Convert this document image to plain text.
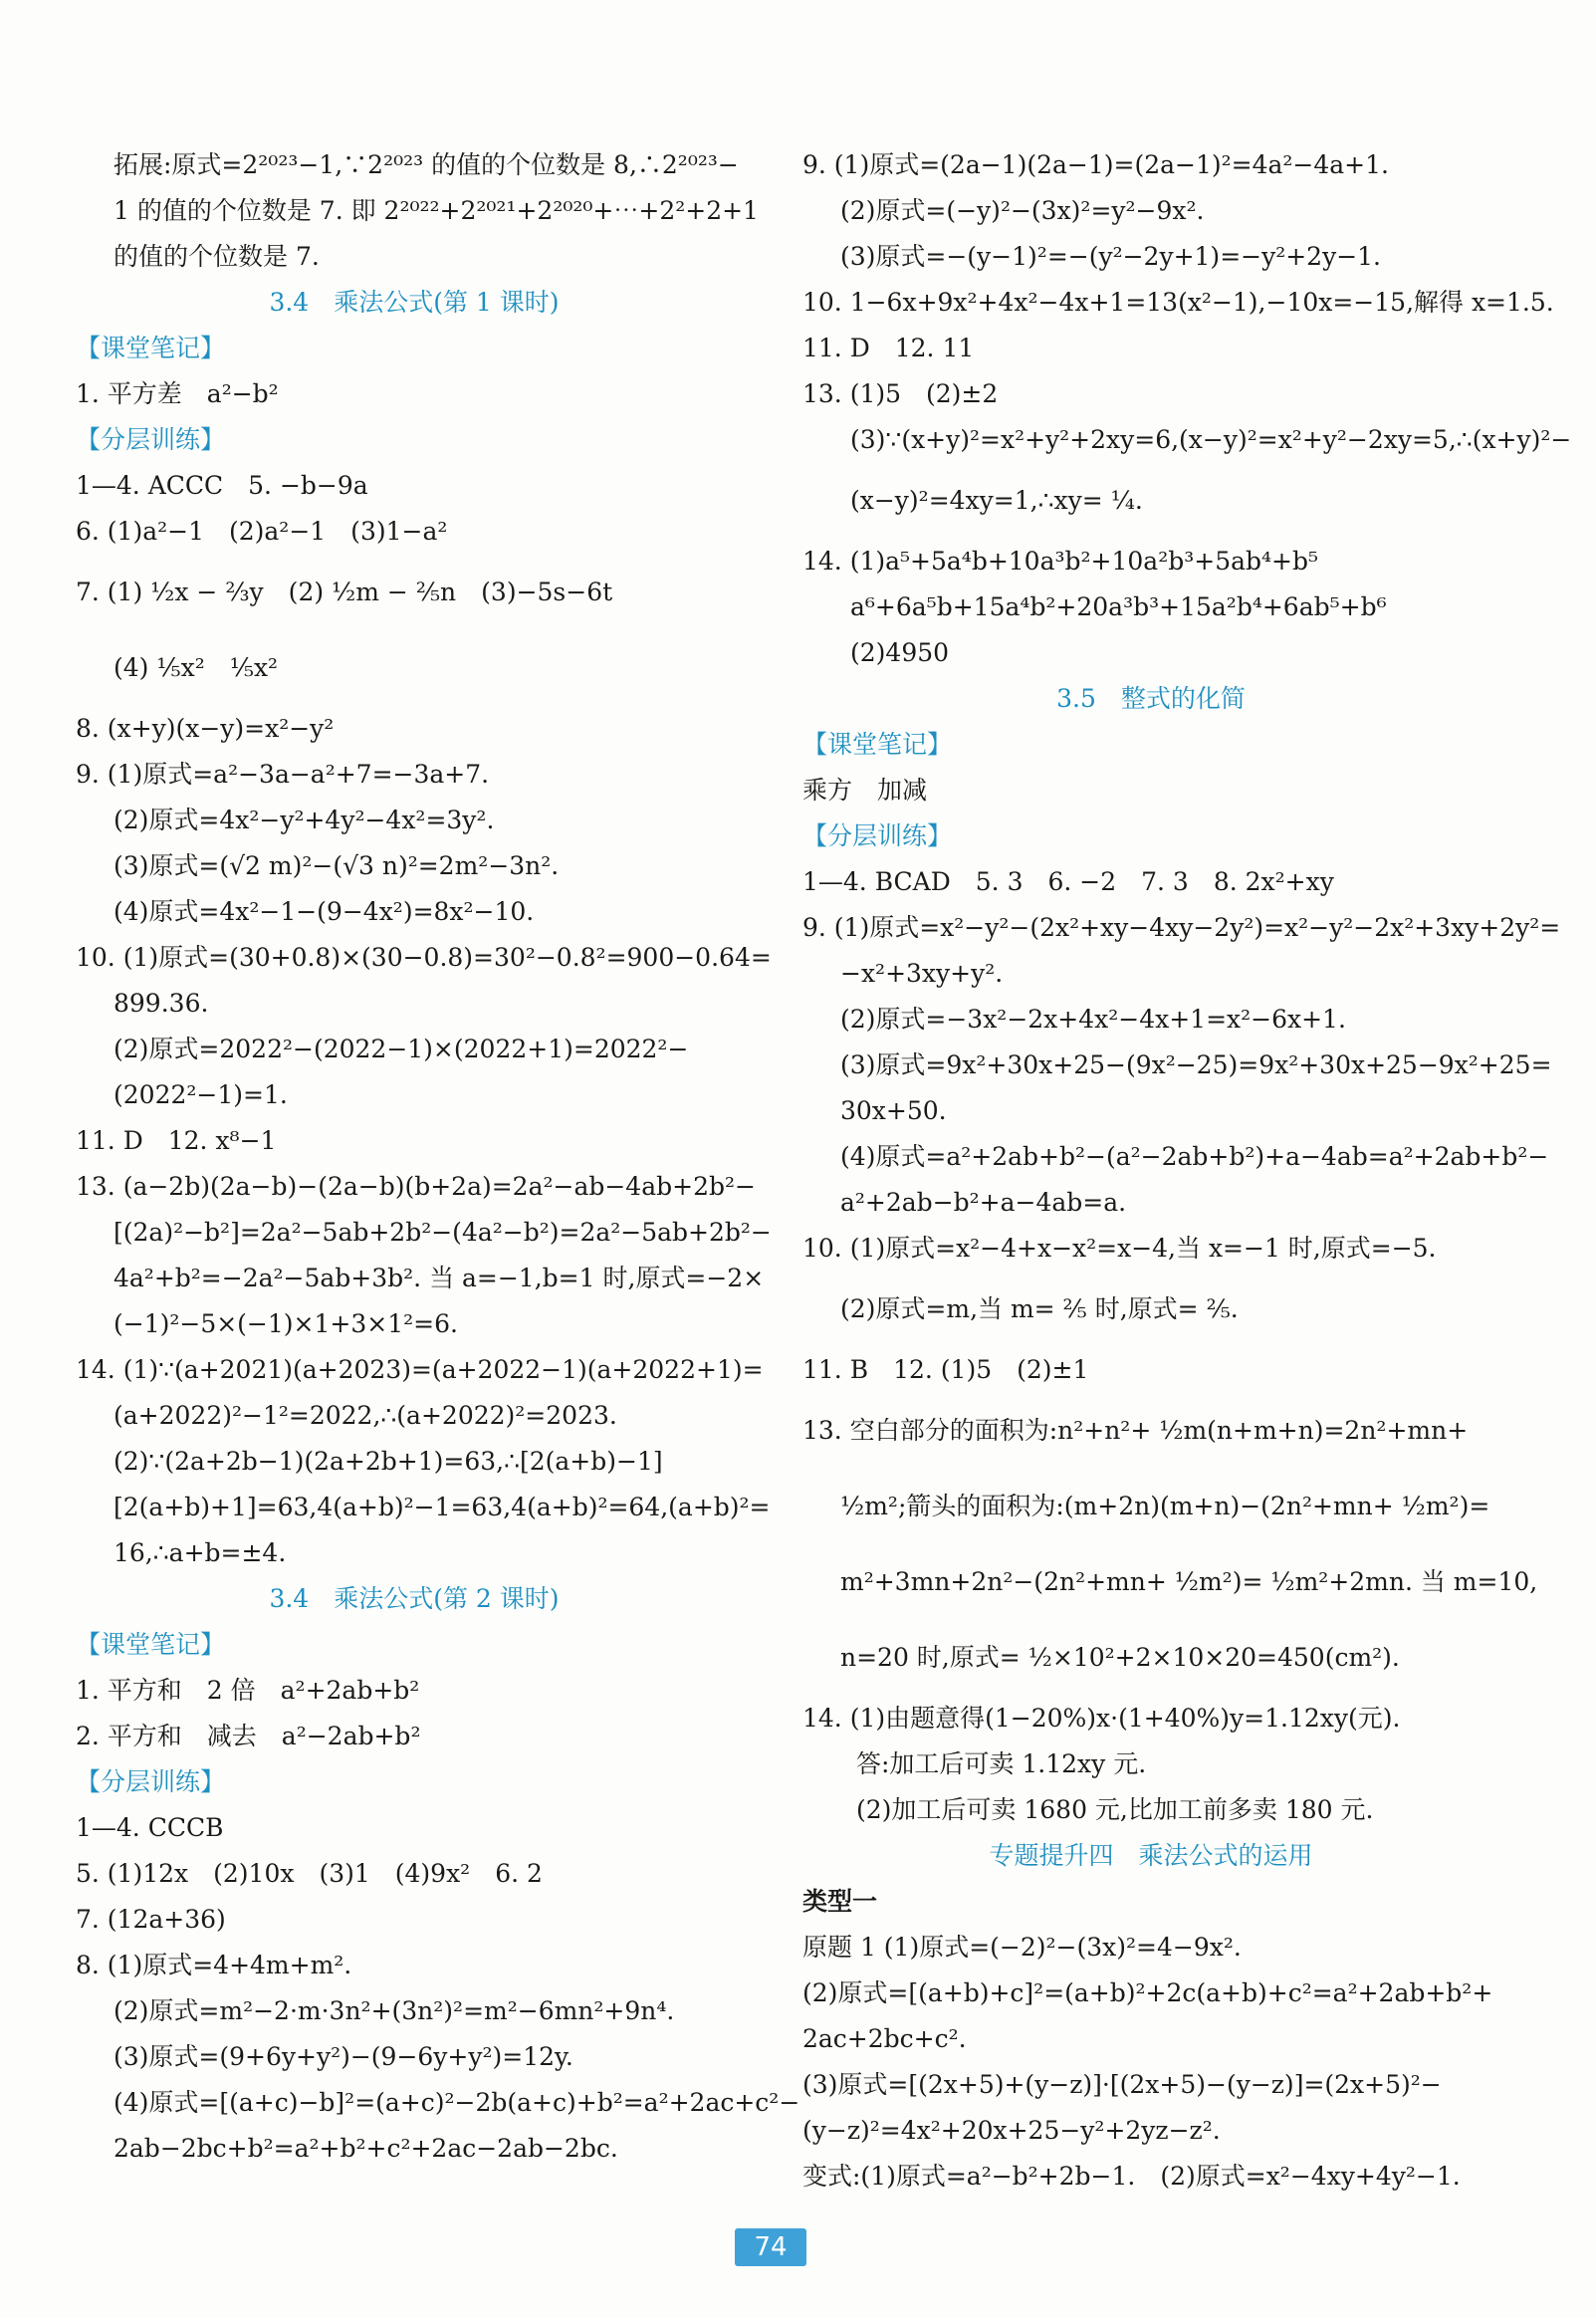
拓展:原式=2²⁰²³−1,∵2²⁰²³ 的值的个位数是 8,∴2²⁰²³−
1 的值的个位数是 7. 即 2²⁰²²+2²⁰²¹+2²⁰²⁰+⋯+2²+2+1
的值的个位数是 7.
3.4　乘法公式(第 1 课时)
【课堂笔记】
1. 平方差　a²−b²
【分层训练】
1—4. ACCC　5. −b−9a
6. (1)a²−1　(2)a²−1　(3)1−a²
7. (1) ½x − ⅔y　(2) ½m − ⅖n　(3)−5s−6t
(4) ⅕x²　⅕x²
8. (x+y)(x−y)=x²−y²
9. (1)原式=a²−3a−a²+7=−3a+7.
(2)原式=4x²−y²+4y²−4x²=3y².
(3)原式=(√2 m)²−(√3 n)²=2m²−3n².
(4)原式=4x²−1−(9−4x²)=8x²−10.
10. (1)原式=(30+0.8)×(30−0.8)=30²−0.8²=900−0.64=
899.36.
(2)原式=2022²−(2022−1)×(2022+1)=2022²−
(2022²−1)=1.
11. D　12. x⁸−1
13. (a−2b)(2a−b)−(2a−b)(b+2a)=2a²−ab−4ab+2b²−
[(2a)²−b²]=2a²−5ab+2b²−(4a²−b²)=2a²−5ab+2b²−
4a²+b²=−2a²−5ab+3b². 当 a=−1,b=1 时,原式=−2×
(−1)²−5×(−1)×1+3×1²=6.
14. (1)∵(a+2021)(a+2023)=(a+2022−1)(a+2022+1)=
(a+2022)²−1²=2022,∴(a+2022)²=2023.
(2)∵(2a+2b−1)(2a+2b+1)=63,∴[2(a+b)−1]
[2(a+b)+1]=63,4(a+b)²−1=63,4(a+b)²=64,(a+b)²=
16,∴a+b=±4.
3.4　乘法公式(第 2 课时)
【课堂笔记】
1. 平方和　2 倍　a²+2ab+b²
2. 平方和　减去　a²−2ab+b²
【分层训练】
1—4. CCCB
5. (1)12x　(2)10x　(3)1　(4)9x²　6. 2
7. (12a+36)
8. (1)原式=4+4m+m².
(2)原式=m²−2·m·3n²+(3n²)²=m²−6mn²+9n⁴.
(3)原式=(9+6y+y²)−(9−6y+y²)=12y.
(4)原式=[(a+c)−b]²=(a+c)²−2b(a+c)+b²=a²+2ac+c²−
2ab−2bc+b²=a²+b²+c²+2ac−2ab−2bc.
9. (1)原式=(2a−1)(2a−1)=(2a−1)²=4a²−4a+1.
(2)原式=(−y)²−(3x)²=y²−9x².
(3)原式=−(y−1)²=−(y²−2y+1)=−y²+2y−1.
10. 1−6x+9x²+4x²−4x+1=13(x²−1),−10x=−15,解得 x=1.5.
11. D　12. 11
13. (1)5　(2)±2
(3)∵(x+y)²=x²+y²+2xy=6,(x−y)²=x²+y²−2xy=5,∴(x+y)²−
(x−y)²=4xy=1,∴xy= ¼.
14. (1)a⁵+5a⁴b+10a³b²+10a²b³+5ab⁴+b⁵
a⁶+6a⁵b+15a⁴b²+20a³b³+15a²b⁴+6ab⁵+b⁶
(2)4950
3.5　整式的化简
【课堂笔记】
乘方　加减
【分层训练】
1—4. BCAD　5. 3　6. −2　7. 3　8. 2x²+xy
9. (1)原式=x²−y²−(2x²+xy−4xy−2y²)=x²−y²−2x²+3xy+2y²=
−x²+3xy+y².
(2)原式=−3x²−2x+4x²−4x+1=x²−6x+1.
(3)原式=9x²+30x+25−(9x²−25)=9x²+30x+25−9x²+25=
30x+50.
(4)原式=a²+2ab+b²−(a²−2ab+b²)+a−4ab=a²+2ab+b²−
a²+2ab−b²+a−4ab=a.
10. (1)原式=x²−4+x−x²=x−4,当 x=−1 时,原式=−5.
(2)原式=m,当 m= ⅖ 时,原式= ⅖.
11. B　12. (1)5　(2)±1
13. 空白部分的面积为:n²+n²+ ½m(n+m+n)=2n²+mn+
½m²;箭头的面积为:(m+2n)(m+n)−(2n²+mn+ ½m²)=
m²+3mn+2n²−(2n²+mn+ ½m²)= ½m²+2mn. 当 m=10,
n=20 时,原式= ½×10²+2×10×20=450(cm²).
14. (1)由题意得(1−20%)x·(1+40%)y=1.12xy(元).
答:加工后可卖 1.12xy 元.
(2)加工后可卖 1680 元,比加工前多卖 180 元.
专题提升四　乘法公式的运用
类型一
原题 1 (1)原式=(−2)²−(3x)²=4−9x².
(2)原式=[(a+b)+c]²=(a+b)²+2c(a+b)+c²=a²+2ab+b²+
2ac+2bc+c².
(3)原式=[(2x+5)+(y−z)]·[(2x+5)−(y−z)]=(2x+5)²−
(y−z)²=4x²+20x+25−y²+2yz−z².
变式:(1)原式=a²−b²+2b−1.　(2)原式=x²−4xy+4y²−1.
74
